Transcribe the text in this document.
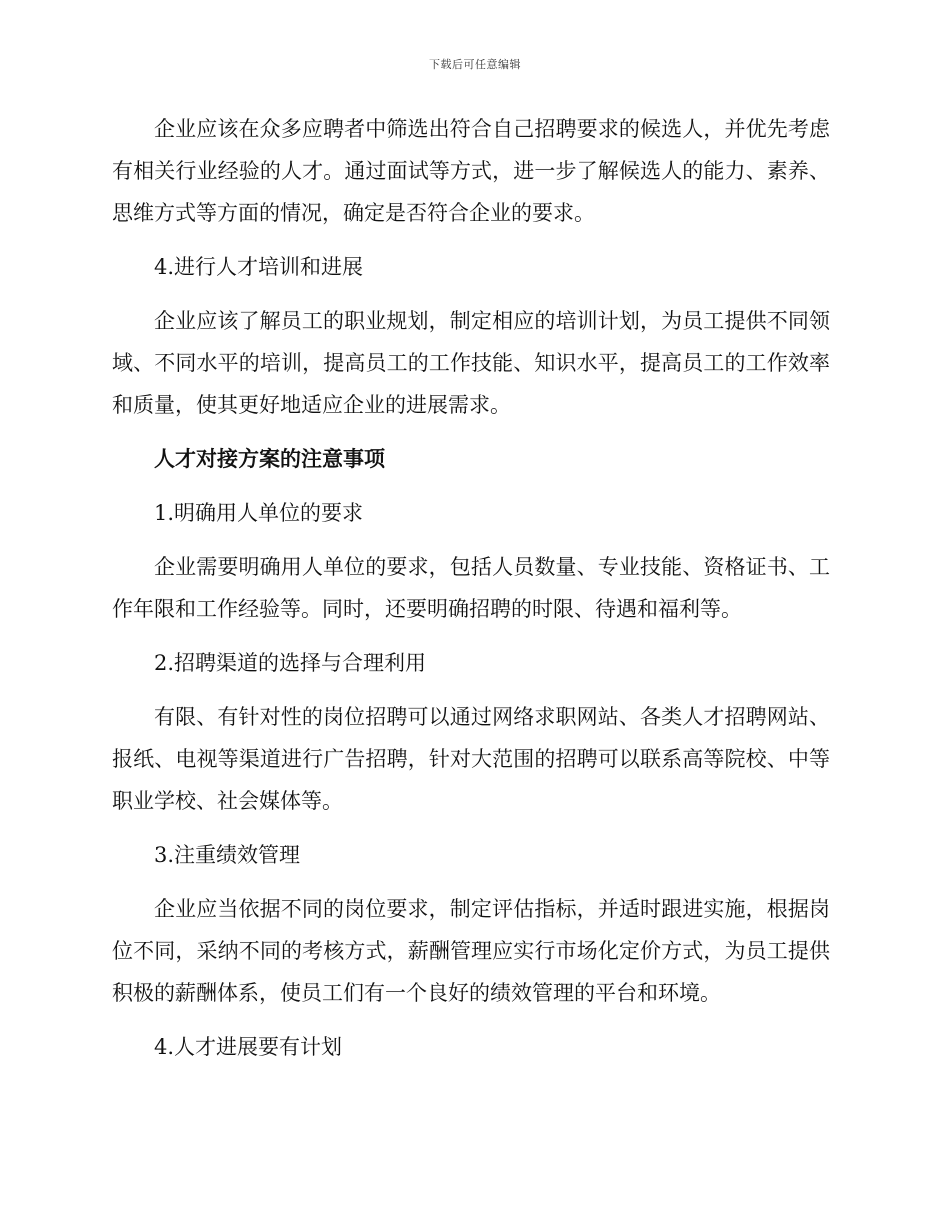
下载后可任意编辑

企业应该在众多应聘者中筛选出符合自己招聘要求的候选人，并优先考虑有相关行业经验的人才。通过面试等方式，进一步了解候选人的能力、素养、思维方式等方面的情况，确定是否符合企业的要求。

4.进行人才培训和进展

企业应该了解员工的职业规划，制定相应的培训计划，为员工提供不同领域、不同水平的培训，提高员工的工作技能、知识水平，提高员工的工作效率和质量，使其更好地适应企业的进展需求。

人才对接方案的注意事项

1.明确用人单位的要求

企业需要明确用人单位的要求，包括人员数量、专业技能、资格证书、工作年限和工作经验等。同时，还要明确招聘的时限、待遇和福利等。

2.招聘渠道的选择与合理利用

有限、有针对性的岗位招聘可以通过网络求职网站、各类人才招聘网站、报纸、电视等渠道进行广告招聘，针对大范围的招聘可以联系高等院校、中等职业学校、社会媒体等。

3.注重绩效管理

企业应当依据不同的岗位要求，制定评估指标，并适时跟进实施，根据岗位不同，采纳不同的考核方式，薪酬管理应实行市场化定价方式，为员工提供积极的薪酬体系，使员工们有一个良好的绩效管理的平台和环境。

4.人才进展要有计划
